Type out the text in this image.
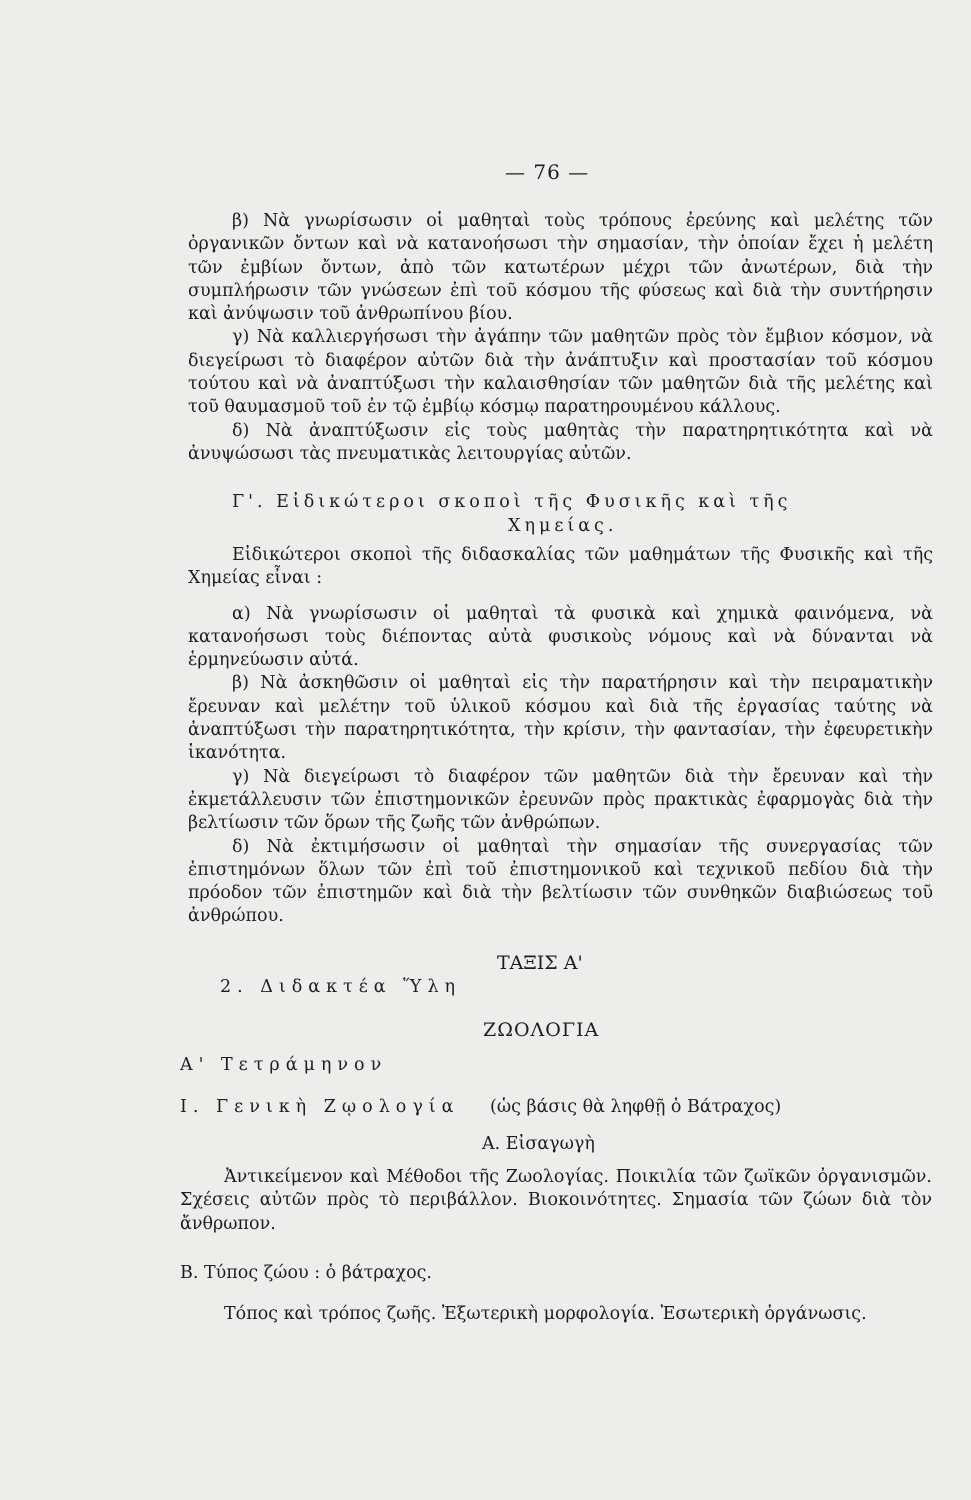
— 76 —

β) Νὰ γνωρίσωσιν οἱ μαθηταὶ τοὺς τρόπους ἐρεύνης καὶ μελέτης τῶν ὀργανικῶν ὄντων καὶ νὰ κατανοήσωσι τὴν σημασίαν, τὴν ὁποίαν ἔχει ἡ μελέτη τῶν ἐμβίων ὄντων, ἀπὸ τῶν κατωτέρων μέχρι τῶν ἀνωτέρων, διὰ τὴν συμπλήρωσιν τῶν γνώσεων ἐπὶ τοῦ κόσμου τῆς φύσεως καὶ διὰ τὴν συντήρησιν καὶ ἀνύψωσιν τοῦ ἀνθρωπίνου βίου.

γ) Νὰ καλλιεργήσωσι τὴν ἀγάπην τῶν μαθητῶν πρὸς τὸν ἔμβιον κόσμον, νὰ διεγείρωσι τὸ διαφέρον αὐτῶν διὰ τὴν ἀνάπτυξιν καὶ προστασίαν τοῦ κόσμου τούτου καὶ νὰ ἀναπτύξωσι τὴν καλαισθησίαν τῶν μαθητῶν διὰ τῆς μελέτης καὶ τοῦ θαυμασμοῦ τοῦ ἐν τῷ ἐμβίῳ κόσμῳ παρατηρουμένου κάλλους.

δ) Νὰ ἀναπτύξωσιν εἰς τοὺς μαθητὰς τὴν παρατηρητικότητα καὶ νὰ ἀνυψώσωσι τὰς πνευματικὰς λειτουργίας αὐτῶν.

Γ'. Εἰδικώτεροι σκοποὶ τῆς Φυσικῆς καὶ τῆς
Χημείας.

Εἰδικώτεροι σκοποὶ τῆς διδασκαλίας τῶν μαθημάτων τῆς Φυσικῆς καὶ τῆς Χημείας εἶναι :

α) Νὰ γνωρίσωσιν οἱ μαθηταὶ τὰ φυσικὰ καὶ χημικὰ φαινόμενα, νὰ κατανοήσωσι τοὺς διέποντας αὐτὰ φυσικοὺς νόμους καὶ νὰ δύνανται νὰ ἑρμηνεύωσιν αὐτά.

β) Νὰ ἀσκηθῶσιν οἱ μαθηταὶ εἰς τὴν παρατήρησιν καὶ τὴν πειραματικὴν ἔρευναν καὶ μελέτην τοῦ ὑλικοῦ κόσμου καὶ διὰ τῆς ἐργασίας ταύτης νὰ ἀναπτύξωσι τὴν παρατηρητικότητα, τὴν κρίσιν, τὴν φαντασίαν, τὴν ἐφευρετικὴν ἱκανότητα.

γ) Νὰ διεγείρωσι τὸ διαφέρον τῶν μαθητῶν διὰ τὴν ἔρευναν καὶ τὴν ἐκμετάλλευσιν τῶν ἐπιστημονικῶν ἐρευνῶν πρὸς πρακτικὰς ἐφαρμογὰς διὰ τὴν βελτίωσιν τῶν ὅρων τῆς ζωῆς τῶν ἀνθρώπων.

δ) Νὰ ἐκτιμήσωσιν οἱ μαθηταὶ τὴν σημασίαν τῆς συνεργασίας τῶν ἐπιστημόνων ὅλων τῶν ἐπὶ τοῦ ἐπιστημονικοῦ καὶ τεχνικοῦ πεδίου διὰ τὴν πρόοδον τῶν ἐπιστημῶν καὶ διὰ τὴν βελτίωσιν τῶν συνθηκῶν διαβιώσεως τοῦ ἀνθρώπου.

ΤΑΞΙΣ Α'
2. Διδακτέα Ὕλη
ΖΩΟΛΟΓΙΑ
Α' Τετράμηνον
Ι. Γενικὴ Ζῳολογία (ὡς βάσις θὰ ληφθῇ ὁ Βάτραχος)
Α. Εἰσαγωγὴ

Ἀντικείμενον καὶ Μέθοδοι τῆς Ζωολογίας. Ποικιλία τῶν ζωϊκῶν ὀργανισμῶν. Σχέσεις αὐτῶν πρὸς τὸ περιβάλλον. Βιοκοινότητες. Σημασία τῶν ζώων διὰ τὸν ἄνθρωπον.

Β. Τύπος ζώου : ὁ βάτραχος.

Τόπος καὶ τρόπος ζωῆς. Ἐξωτερικὴ μορφολογία. Ἐσωτερικὴ ὀργάνωσις.
